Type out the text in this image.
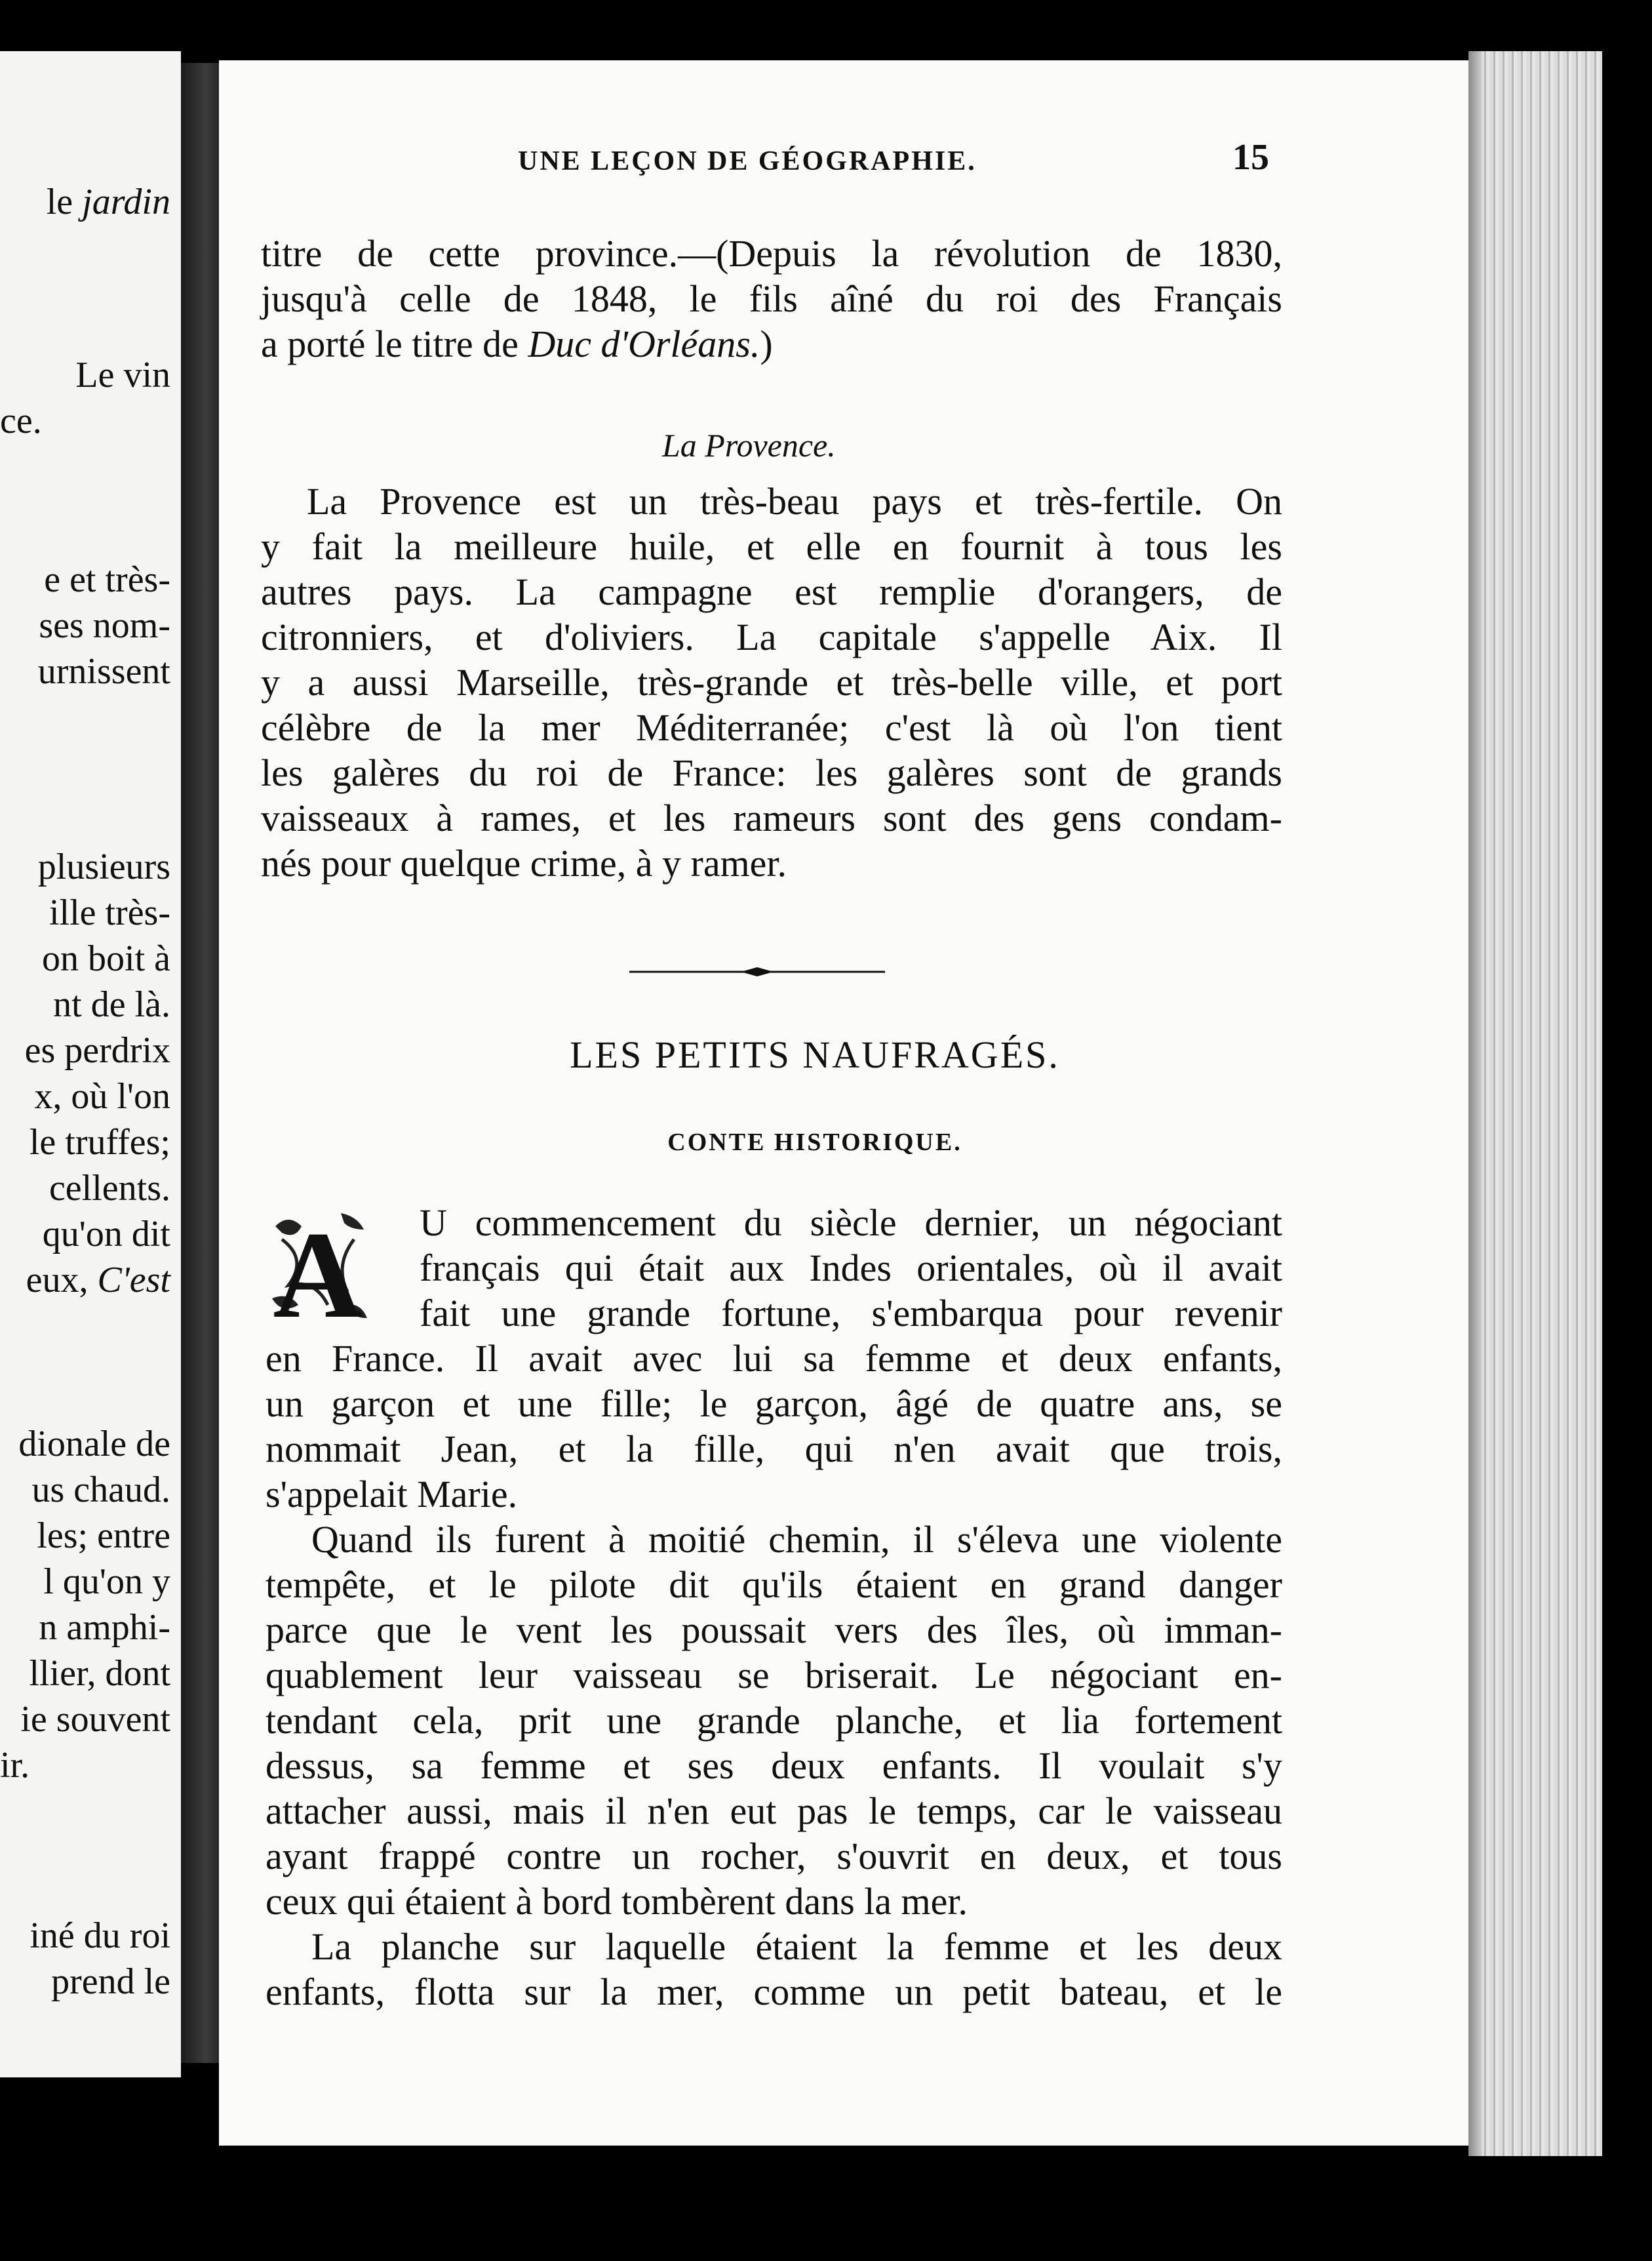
le jardin
Le vin
ce.
e et très-
ses nom-
urnissent
plusieurs
ille très-
on boit à
nt de là.
es perdrix
x, où l'on
le truffes;
cellents.
qu'on dit
eux, C'est
dionale de
us chaud.
les; entre
l qu'on y
n amphi-
llier, dont
ie souvent
ir.
iné du roi
prend le
UNE LEÇON DE GÉOGRAPHIE.	15
titre de cette province.—(Depuis la révolution de 1830,
jusqu'à celle de 1848, le fils aîné du roi des Français
a porté le titre de Duc d'Orléans.)
La Provence.
La Provence est un très-beau pays et très-fertile. On
y fait la meilleure huile, et elle en fournit à tous les
autres pays. La campagne est remplie d'orangers, de
citronniers, et d'oliviers. La capitale s'appelle Aix. Il
y a aussi Marseille, très-grande et très-belle ville, et port
célèbre de la mer Méditerranée; c'est là où l'on tient
les galères du roi de France: les galères sont de grands
vaisseaux à rames, et les rameurs sont des gens condam-
nés pour quelque crime, à y ramer.
LES PETITS NAUFRAGÉS.
CONTE HISTORIQUE.
A U commencement du siècle dernier, un négociant
français qui était aux Indes orientales, où il avait
fait une grande fortune, s'embarqua pour revenir
en France. Il avait avec lui sa femme et deux enfants,
un garçon et une fille; le garçon, âgé de quatre ans, se
nommait Jean, et la fille, qui n'en avait que trois,
s'appelait Marie.
Quand ils furent à moitié chemin, il s'éleva une violente
tempête, et le pilote dit qu'ils étaient en grand danger
parce que le vent les poussait vers des îles, où imman-
quablement leur vaisseau se briserait. Le négociant en-
tendant cela, prit une grande planche, et lia fortement
dessus, sa femme et ses deux enfants. Il voulait s'y
attacher aussi, mais il n'en eut pas le temps, car le vaisseau
ayant frappé contre un rocher, s'ouvrit en deux, et tous
ceux qui étaient à bord tombèrent dans la mer.
La planche sur laquelle étaient la femme et les deux
enfants, flotta sur la mer, comme un petit bateau, et le
